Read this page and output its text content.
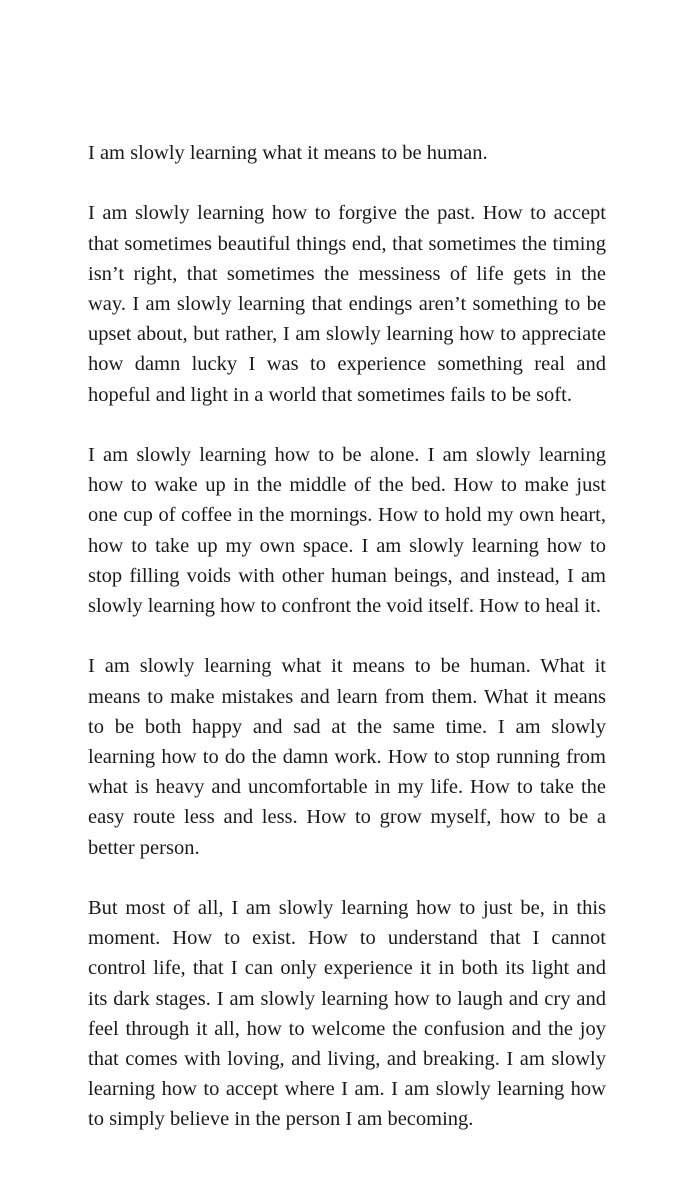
I am slowly learning what it means to be human.

I am slowly learning how to forgive the past. How to accept that sometimes beautiful things end, that sometimes the timing isn’t right, that sometimes the messiness of life gets in the way. I am slowly learning that endings aren’t something to be upset about, but rather, I am slowly learning how to appreciate how damn lucky I was to experience something real and hopeful and light in a world that sometimes fails to be soft.

I am slowly learning how to be alone. I am slowly learning how to wake up in the middle of the bed. How to make just one cup of coffee in the mornings. How to hold my own heart, how to take up my own space. I am slowly learning how to stop filling voids with other human beings, and instead, I am slowly learning how to confront the void itself. How to heal it.

I am slowly learning what it means to be human. What it means to make mistakes and learn from them. What it means to be both happy and sad at the same time. I am slowly learning how to do the damn work. How to stop running from what is heavy and uncomfortable in my life. How to take the easy route less and less. How to grow myself, how to be a better person.

But most of all, I am slowly learning how to just be, in this moment. How to exist. How to understand that I cannot control life, that I can only experience it in both its light and its dark stages. I am slowly learning how to laugh and cry and feel through it all, how to welcome the confusion and the joy that comes with loving, and living, and breaking. I am slowly learning how to accept where I am. I am slowly learning how to simply believe in the person I am becoming.
